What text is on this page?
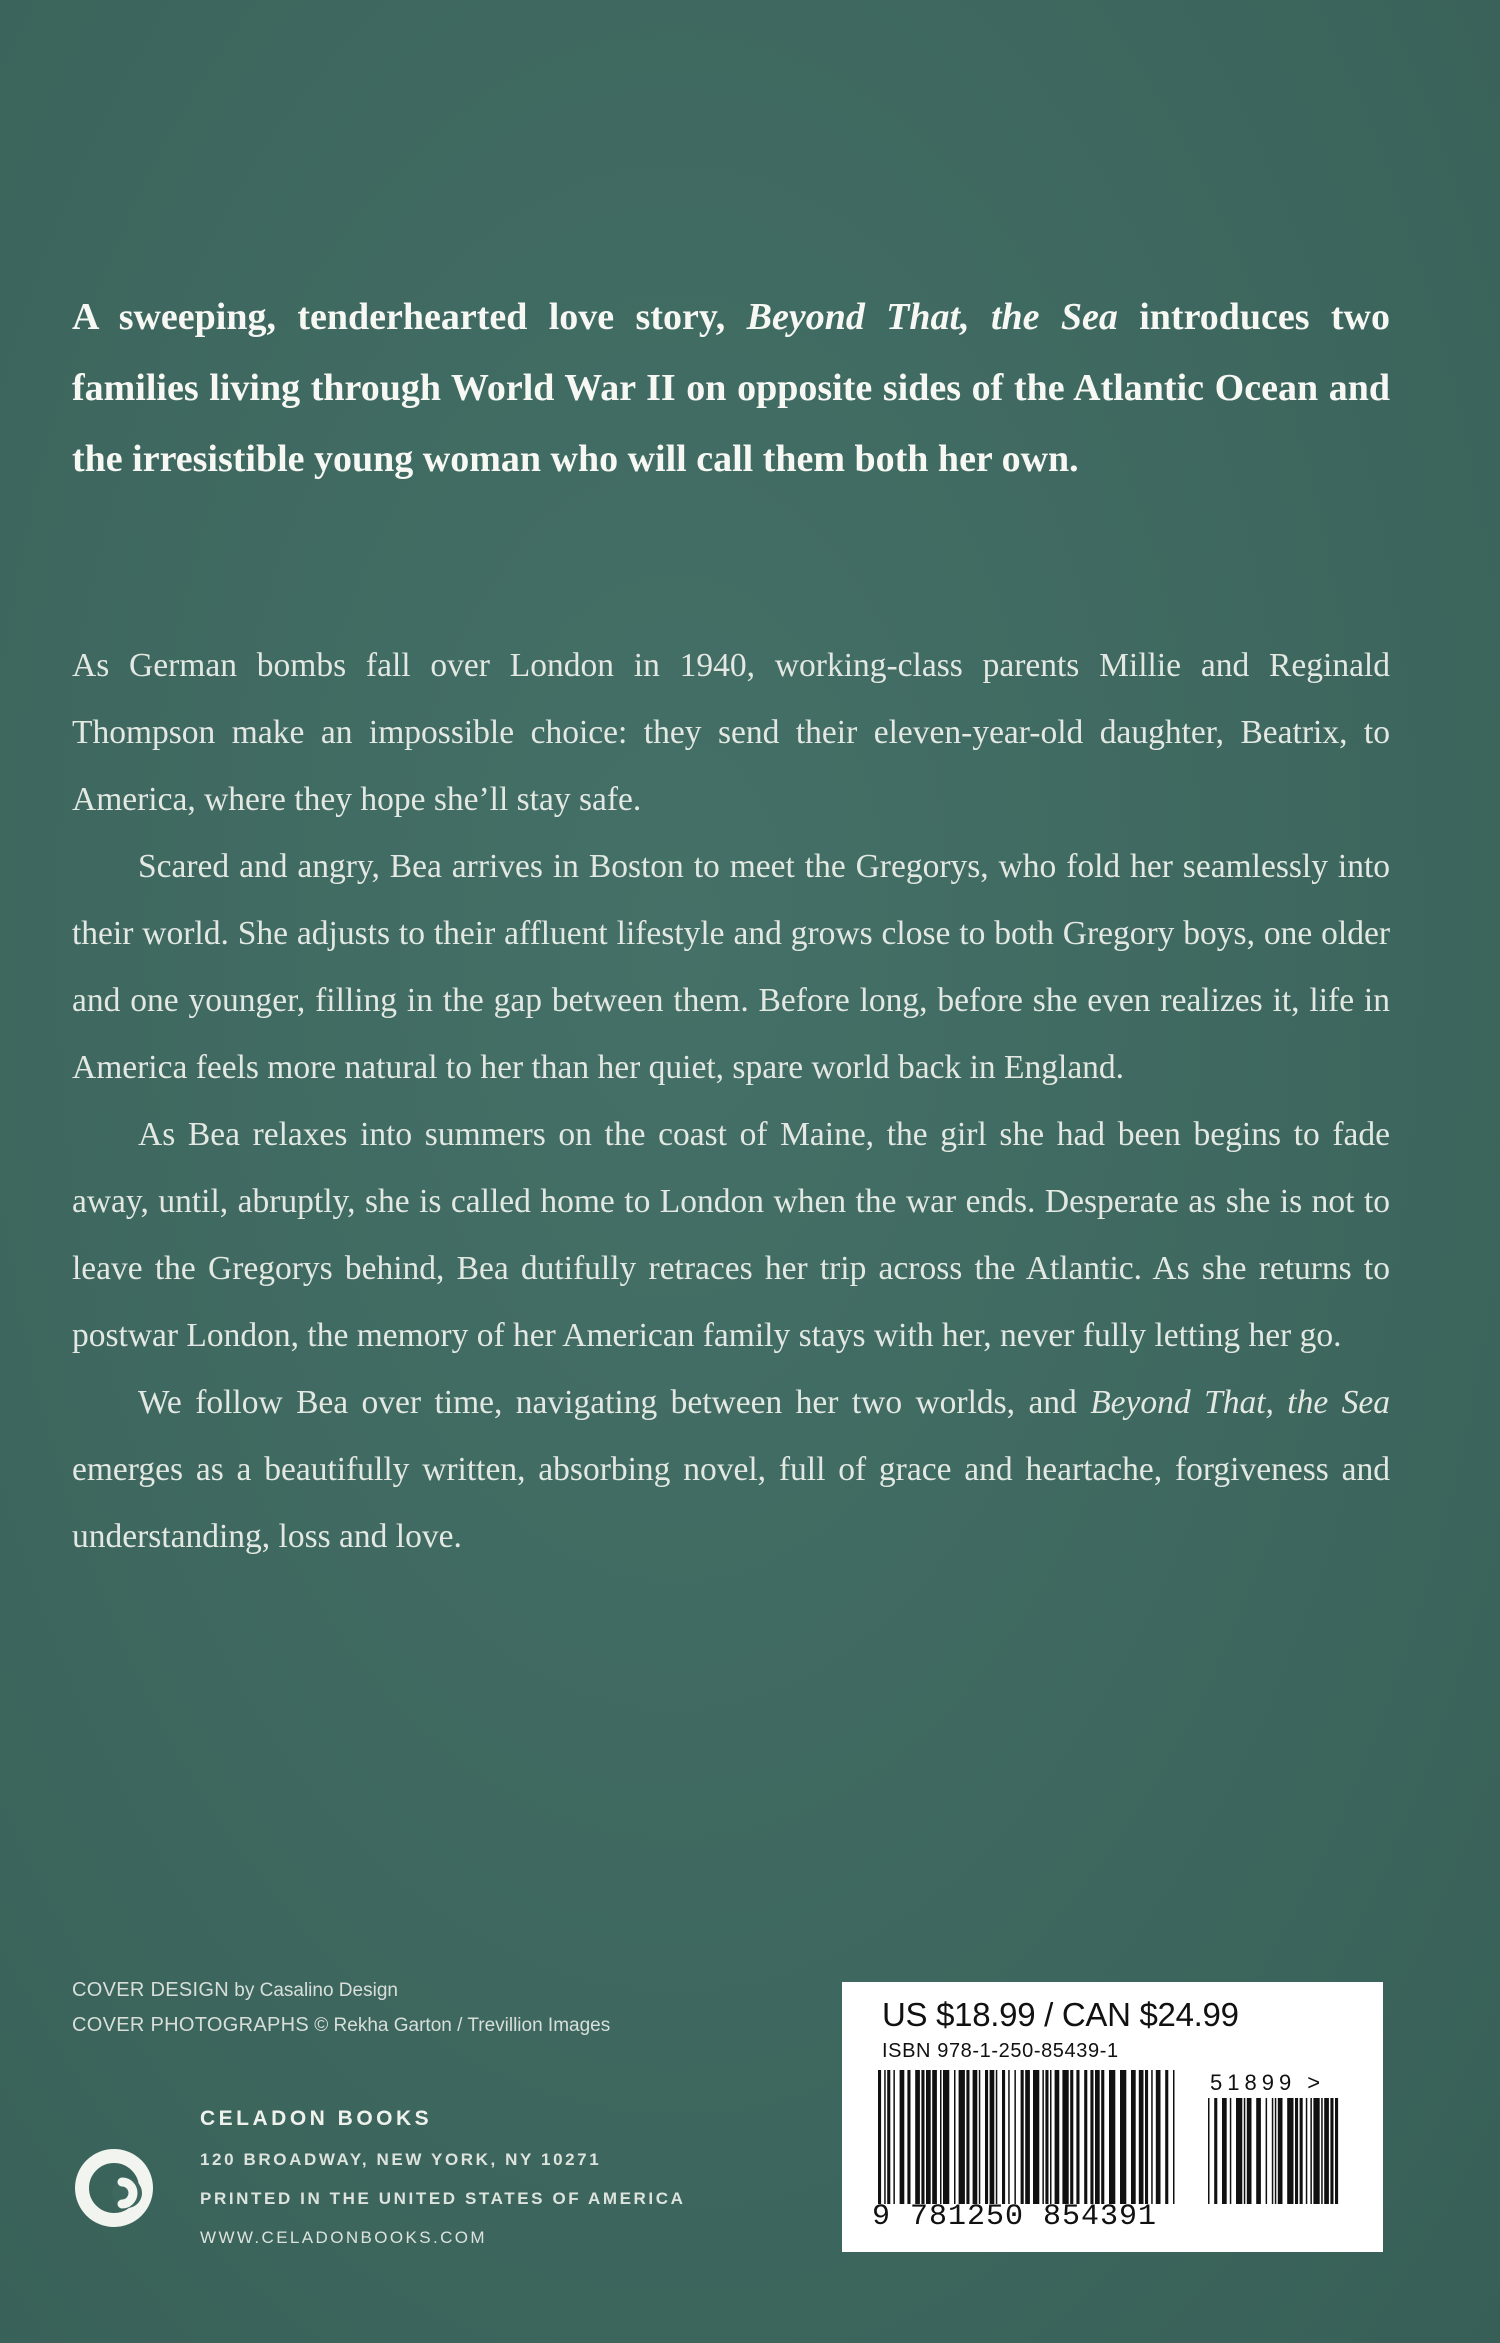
A sweeping, tenderhearted love story, Beyond That, the Sea introduces two families living through World War II on opposite sides of the Atlantic Ocean and the irresistible young woman who will call them both her own.

As German bombs fall over London in 1940, working-class parents Millie and Reginald Thompson make an impossible choice: they send their eleven-year-old daughter, Beatrix, to America, where they hope she’ll stay safe.

Scared and angry, Bea arrives in Boston to meet the Gregorys, who fold her seamlessly into their world. She adjusts to their affluent lifestyle and grows close to both Gregory boys, one older and one younger, filling in the gap between them. Before long, before she even realizes it, life in America feels more natural to her than her quiet, spare world back in England.

As Bea relaxes into summers on the coast of Maine, the girl she had been begins to fade away, until, abruptly, she is called home to London when the war ends. Desperate as she is not to leave the Gregorys behind, Bea dutifully retraces her trip across the Atlantic. As she returns to postwar London, the memory of her American family stays with her, never fully letting her go.

We follow Bea over time, navigating between her two worlds, and Beyond That, the Sea emerges as a beautifully written, absorbing novel, full of grace and heartache, forgiveness and understanding, loss and love.

COVER DESIGN by Casalino Design

COVER PHOTOGRAPHS © Rekha Garton / Trevillion Images

CELADON BOOKS

120 BROADWAY, NEW YORK, NY 10271

PRINTED IN THE UNITED STATES OF AMERICA

WWW.CELADONBOOKS.COM

US $18.99 / CAN $24.99
ISBN 978-1-250-85439-1
51899 >
9 781250 854391
